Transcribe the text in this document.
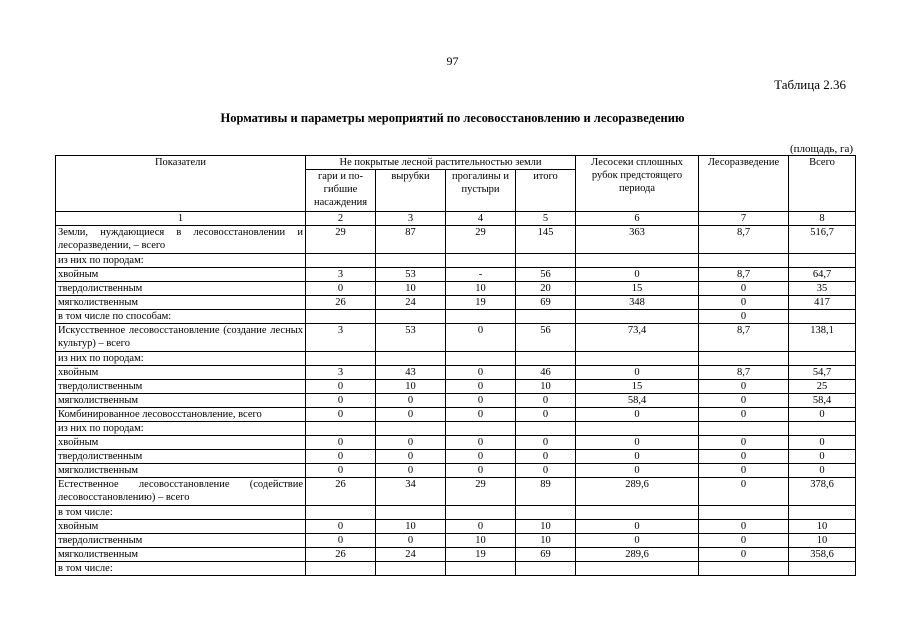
97
Таблица 2.36
Нормативы и параметры мероприятий по лесовосстановлению и лесоразведению
(площадь, га)
Показатели	Не покрытые лесной растительностью земли				Лесосеки сплошных рубок предстоящего периода	Лесоразведение	Всего
	гари и по-гибшие насаждения	вырубки	прогалины и пустыри	итого			
1	2	3	4	5	6	7	8
Земли, нуждающиеся в лесовосстановлении и лесоразведении, – всего	29	87	29	145	363	8,7	516,7
из них по породам:							
хвойным	3	53	-	56	0	8,7	64,7
твердолиственным	0	10	10	20	15	0	35
мягколиственным	26	24	19	69	348	0	417
в том числе по способам:						0	
Искусственное лесовосстановление (создание лесных культур) – всего	3	53	0	56	73,4	8,7	138,1
из них по породам:							
хвойным	3	43	0	46	0	8,7	54,7
твердолиственным	0	10	0	10	15	0	25
мягколиственным	0	0	0	0	58,4	0	58,4
Комбинированное лесовосстановление, всего	0	0	0	0	0	0	0
из них по породам:							
хвойным	0	0	0	0	0	0	0
твердолиственным	0	0	0	0	0	0	0
мягколиственным	0	0	0	0	0	0	0
Естественное лесовосстановление (содействие лесовосстановлению) – всего	26	34	29	89	289,6	0	378,6
в том числе:							
хвойным	0	10	0	10	0	0	10
твердолиственным	0	0	10	10	0	0	10
мягколиственным	26	24	19	69	289,6	0	358,6
в том числе:							
